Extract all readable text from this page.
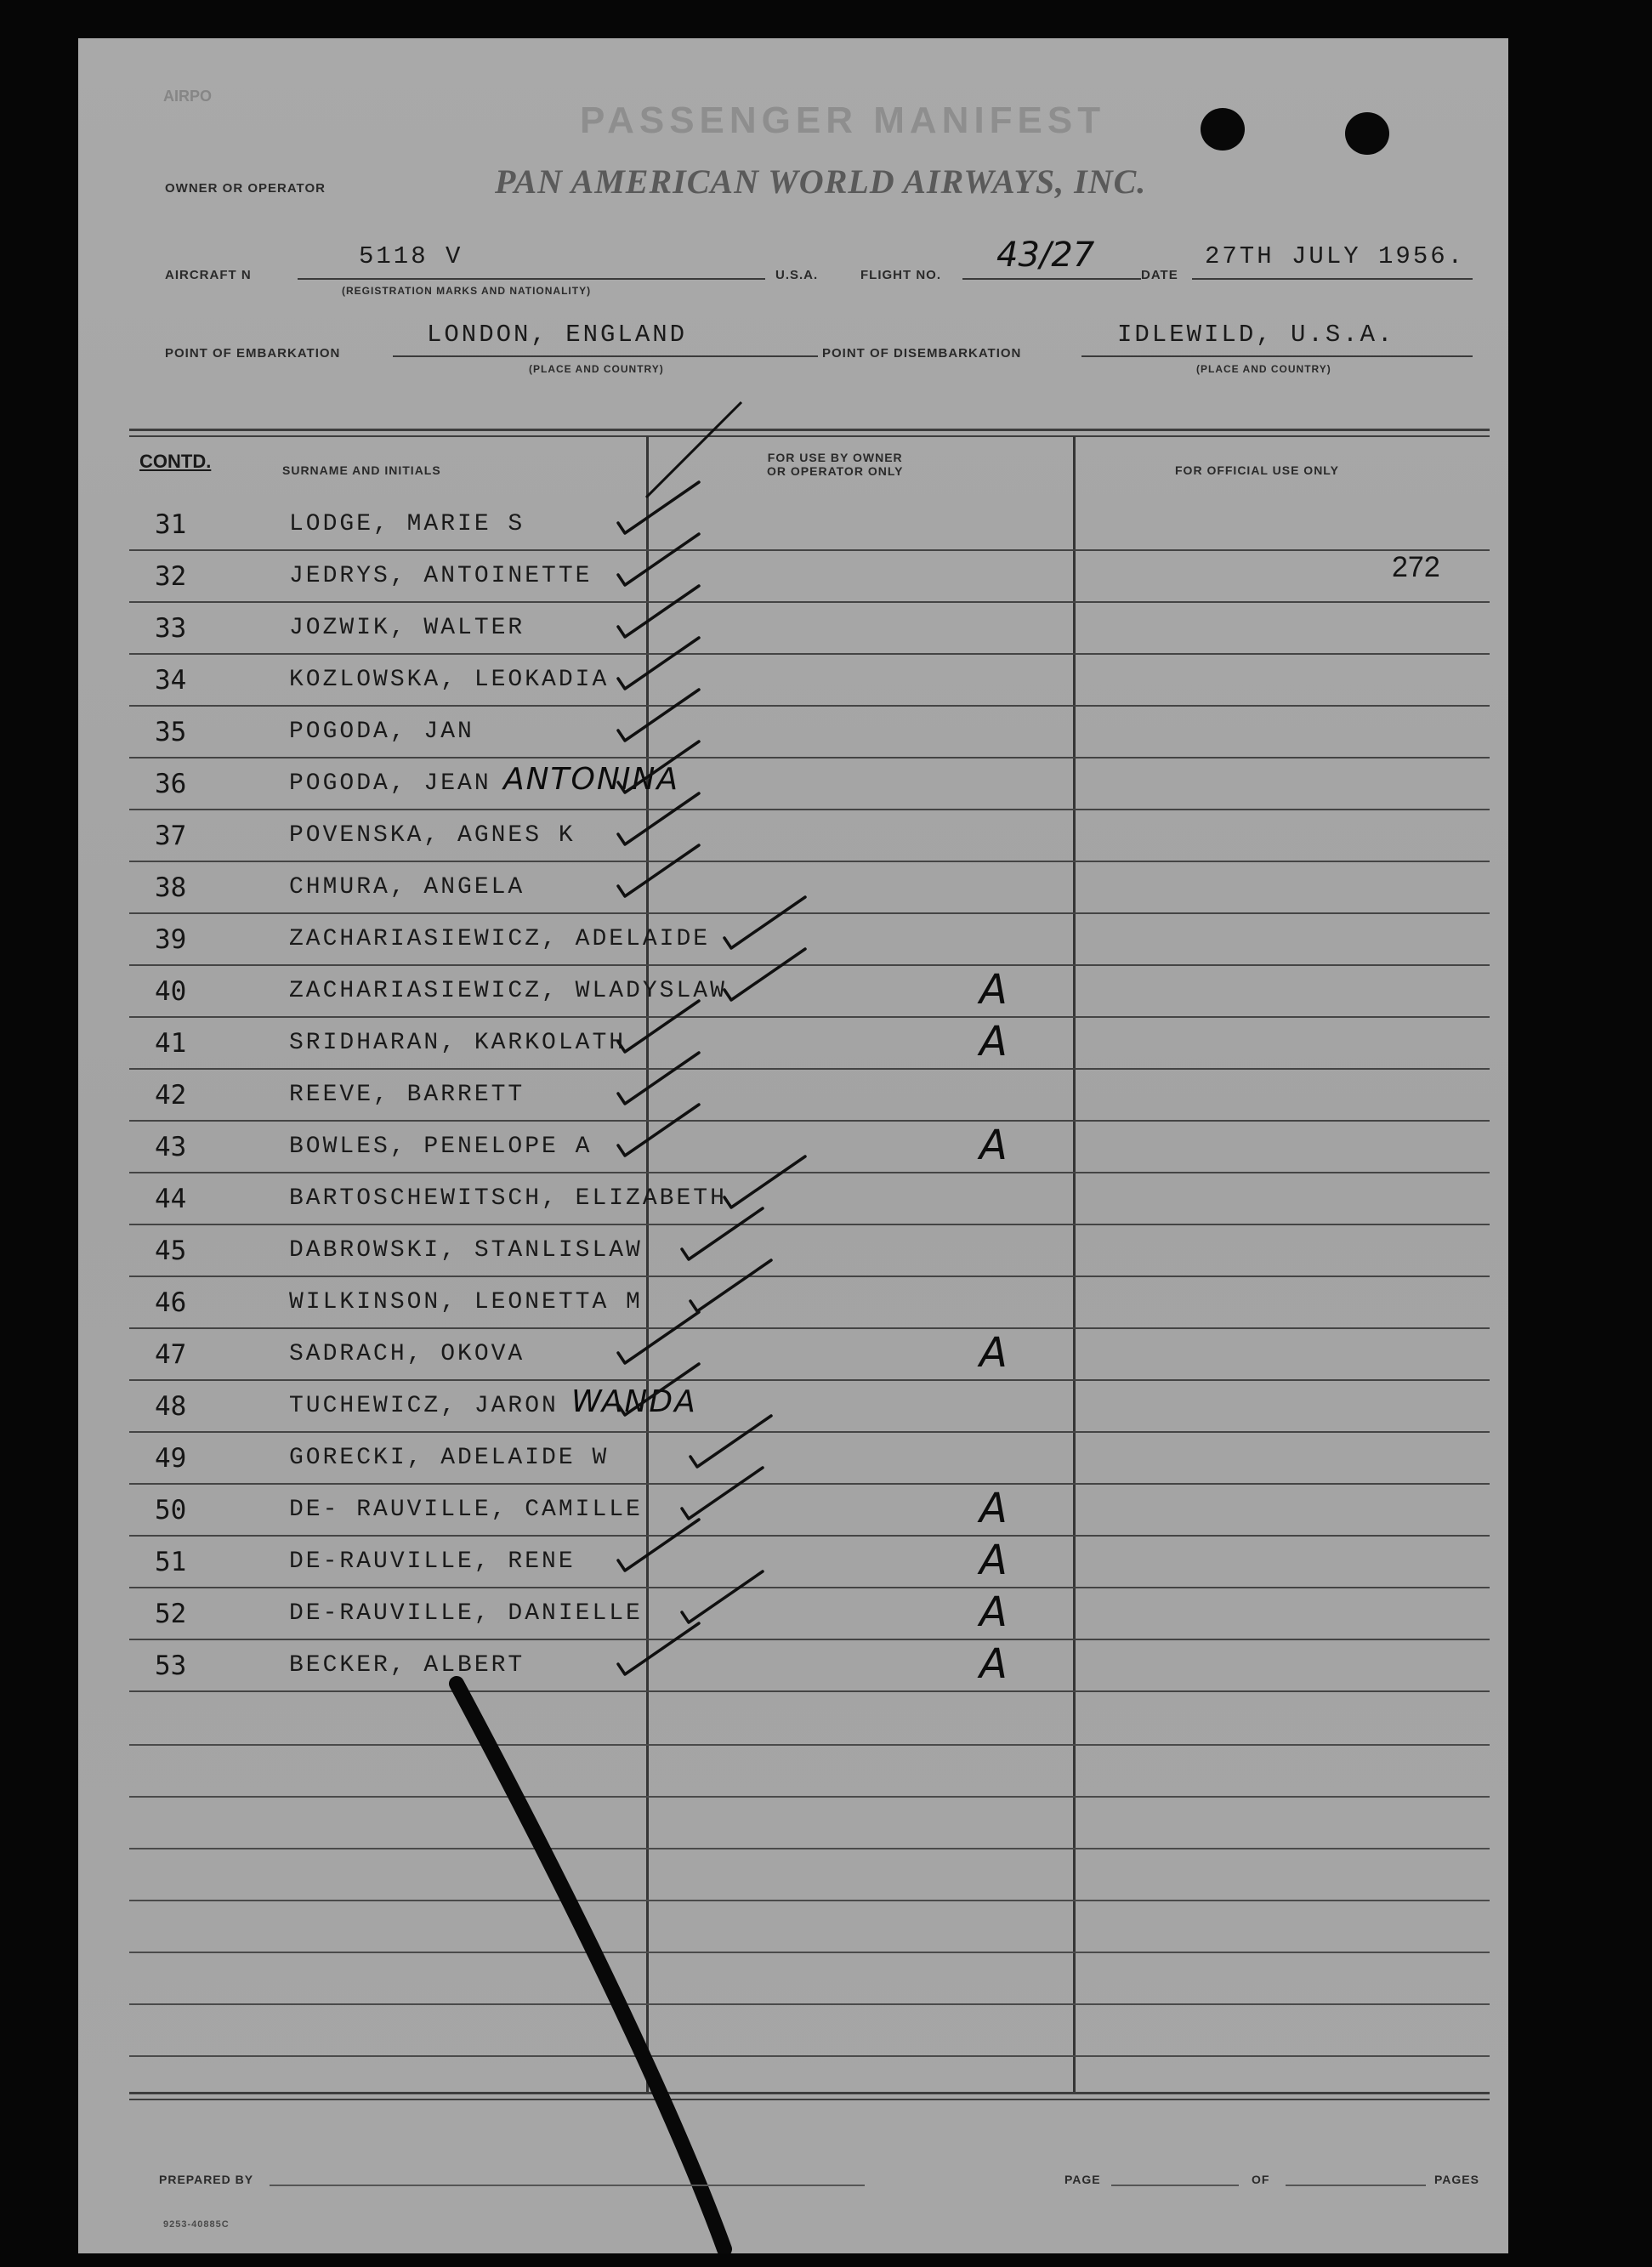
AIRPO
PASSENGER MANIFEST
OWNER OR OPERATOR	PAN AMERICAN WORLD AIRWAYS, INC.
AIRCRAFT N
5118 V
(REGISTRATION MARKS AND NATIONALITY)
U.S.A.	FLIGHT NO.
43/27
DATE
27TH JULY 1956.
POINT OF EMBARKATION
LONDON, ENGLAND
(PLACE AND COUNTRY)
POINT OF DISEMBARKATION
IDLEWILD, U.S.A.
(PLACE AND COUNTRY)
CONTD.	SURNAME AND INITIALS
FOR USE BY OWNER
OR OPERATOR ONLY	FOR OFFICIAL USE ONLY
272
31	LODGE, MARIE S
32	JEDRYS, ANTOINETTE
33	JOZWIK, WALTER
34	KOZLOWSKA, LEOKADIA
35	POGODA, JAN
36	POGODA, JEAN ANTONINA
37	POVENSKA, AGNES K
38	CHMURA, ANGELA
39	ZACHARIASIEWICZ, ADELAIDE
40	ZACHARIASIEWICZ, WLADYSLAW	A
41	SRIDHARAN, KARKOLATH	A
42	REEVE, BARRETT
43	BOWLES, PENELOPE A	A
44	BARTOSCHEWITSCH, ELIZABETH
45	DABROWSKI, STANLISLAW
46	WILKINSON, LEONETTA M
47	SADRACH, OKOVA	A
48	TUCHEWICZ, JARON WANDA
49	GORECKI, ADELAIDE W
50	DE- RAUVILLE, CAMILLE	A
51	DE-RAUVILLE, RENE	A
52	DE-RAUVILLE, DANIELLE	A
53	BECKER, ALBERT	A
PREPARED BY	PAGE	OF	PAGES
9253-40885C
